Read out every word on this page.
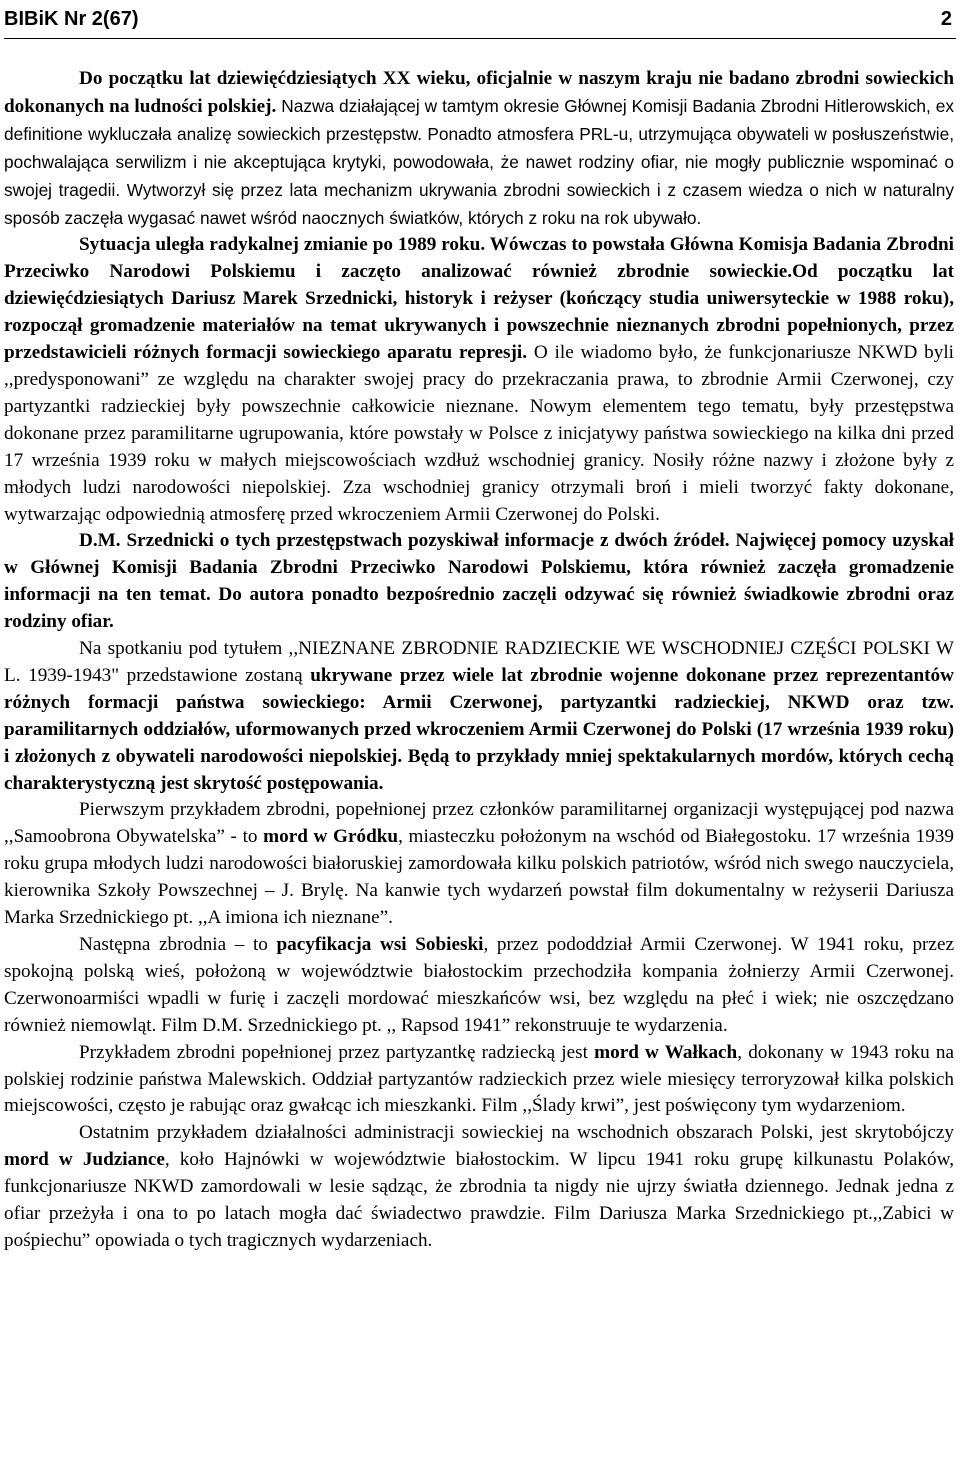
BIBiK Nr 2(67)	2

Do początku lat dziewięćdziesiątych XX wieku, oficjalnie w naszym kraju nie badano zbrodni sowieckich dokonanych na ludności polskiej. Nazwa działającej w tamtym okresie Głównej Komisji Badania Zbrodni Hitlerowskich, ex definitione wykluczała analizę sowieckich przestępstw. Ponadto atmosfera PRL-u, utrzymująca obywateli w posłuszeństwie, pochwalająca serwilizm i nie akceptująca krytyki, powodowała, że nawet rodziny ofiar, nie mogły publicznie wspominać o swojej tragedii. Wytworzył się przez lata mechanizm ukrywania zbrodni sowieckich i z czasem wiedza o nich w naturalny sposób zaczęła wygasać nawet wśród naocznych światków, których z roku na rok ubywało.

Sytuacja uległa radykalnej zmianie po 1989 roku. Wówczas to powstała Główna Komisja Badania Zbrodni Przeciwko Narodowi Polskiemu i zaczęto analizować również zbrodnie sowieckie.Od początku lat dziewięćdziesiątych Dariusz Marek Srzednicki, historyk i reżyser (kończący studia uniwersyteckie w 1988 roku), rozpoczął gromadzenie materiałów na temat ukrywanych i powszechnie nieznanych zbrodni popełnionych, przez przedstawicieli różnych formacji sowieckiego aparatu represji. O ile wiadomo było, że funkcjonariusze NKWD byli ,,predysponowani” ze względu na charakter swojej pracy do przekraczania prawa, to zbrodnie Armii Czerwonej, czy partyzantki radzieckiej były powszechnie całkowicie nieznane. Nowym elementem tego tematu, były przestępstwa dokonane przez paramilitarne ugrupowania, które powstały w Polsce z inicjatywy państwa sowieckiego na kilka dni przed 17 września 1939 roku w małych miejscowościach wzdłuż wschodniej granicy. Nosiły różne nazwy i złożone były z młodych ludzi narodowości niepolskiej. Zza wschodniej granicy otrzymali broń i mieli tworzyć fakty dokonane, wytwarzając odpowiednią atmosferę przed wkroczeniem Armii Czerwonej do Polski.

D.M. Srzednicki o tych przestępstwach pozyskiwał informacje z dwóch źródeł. Najwięcej pomocy uzyskał w Głównej Komisji Badania Zbrodni Przeciwko Narodowi Polskiemu, która również zaczęła gromadzenie informacji na ten temat. Do autora ponadto bezpośrednio zaczęli odzywać się również świadkowie zbrodni oraz rodziny ofiar.

Na spotkaniu pod tytułem ,,NIEZNANE ZBRODNIE RADZIECKIE WE WSCHODNIEJ CZĘŚCI POLSKI W L. 1939-1943" przedstawione zostaną ukrywane przez wiele lat zbrodnie wojenne dokonane przez reprezentantów różnych formacji państwa sowieckiego: Armii Czerwonej, partyzantki radzieckiej, NKWD oraz tzw. paramilitarnych oddziałów, uformowanych przed wkroczeniem Armii Czerwonej do Polski (17 września 1939 roku) i złożonych z obywateli narodowości niepolskiej. Będą to przykłady mniej spektakularnych mordów, których cechą charakterystyczną jest skrytość postępowania.

Pierwszym przykładem zbrodni, popełnionej przez członków paramilitarnej organizacji występującej pod nazwa ,,Samoobrona Obywatelska” - to mord w Gródku, miasteczku położonym na wschód od Białegostoku. 17 września 1939 roku grupa młodych ludzi narodowości białoruskiej zamordowała kilku polskich patriotów, wśród nich swego nauczyciela, kierownika Szkoły Powszechnej – J. Brylę. Na kanwie tych wydarzeń powstał film dokumentalny w reżyserii Dariusza Marka Srzednickiego pt. ,,A imiona ich nieznane”.

Następna zbrodnia – to pacyfikacja wsi Sobieski, przez pododdział Armii Czerwonej. W 1941 roku, przez spokojną polską wieś, położoną w województwie białostockim przechodziła kompania żołnierzy Armii Czerwonej. Czerwonoarmiści wpadli w furię i zaczęli mordować mieszkańców wsi, bez względu na płeć i wiek; nie oszczędzano również niemowląt. Film D.M. Srzednickiego pt. ,, Rapsod 1941” rekonstruuje te wydarzenia.

Przykładem zbrodni popełnionej przez partyzantkę radziecką jest mord w Wałkach, dokonany w 1943 roku na polskiej rodzinie państwa Malewskich. Oddział partyzantów radzieckich przez wiele miesięcy terroryzował kilka polskich miejscowości, często je rabując oraz gwałcąc ich mieszkanki. Film ,,Ślady krwi”, jest poświęcony tym wydarzeniom.

Ostatnim przykładem działalności administracji sowieckiej na wschodnich obszarach Polski, jest skrytobójczy mord w Judziance, koło Hajnówki w województwie białostockim. W lipcu 1941 roku grupę kilkunastu Polaków, funkcjonariusze NKWD zamordowali w lesie sądząc, że zbrodnia ta nigdy nie ujrzy światła dziennego. Jednak jedna z ofiar przeżyła i ona to po latach mogła dać świadectwo prawdzie. Film Dariusza Marka Srzednickiego pt.,,Zabici w pośpiechu” opowiada o tych tragicznych wydarzeniach.
